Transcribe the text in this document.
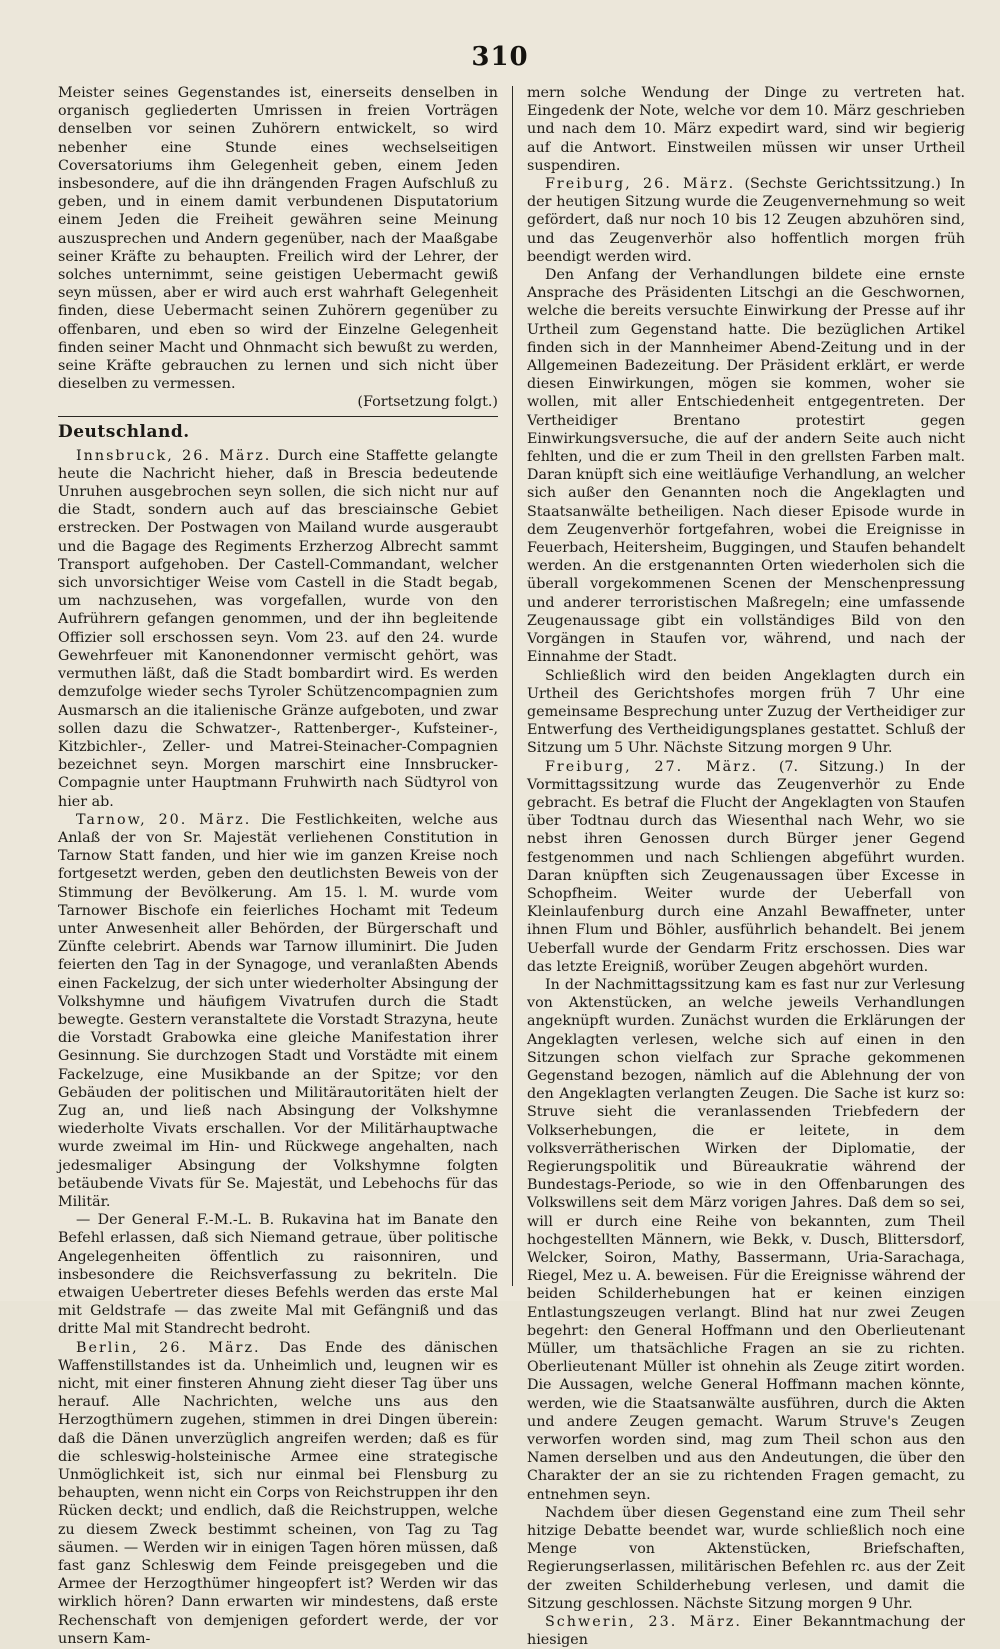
310

Meister seines Gegenstandes ist, einerseits denselben in organisch gegliederten Umrissen in freien Vorträgen denselben vor seinen Zuhörern entwickelt, so wird nebenher eine Stunde eines wechselseitigen Coversatoriums ihm Gelegenheit geben, einem Jeden insbesondere, auf die ihn drängenden Fragen Aufschluß zu geben, und in einem damit verbundenen Disputatorium einem Jeden die Freiheit gewähren seine Meinung auszusprechen und Andern gegenüber, nach der Maaßgabe seiner Kräfte zu behaupten. Freilich wird der Lehrer, der solches unternimmt, seine geistigen Uebermacht gewiß seyn müssen, aber er wird auch erst wahrhaft Gelegenheit finden, diese Uebermacht seinen Zuhörern gegenüber zu offenbaren, und eben so wird der Einzelne Gelegenheit finden seiner Macht und Ohnmacht sich bewußt zu werden, seine Kräfte gebrauchen zu lernen und sich nicht über dieselben zu vermessen.
(Fortsetzung folgt.)

Deutschland.

Innsbruck, 26. März. Durch eine Staffette gelangte heute die Nachricht hieher, daß in Brescia bedeutende Unruhen ausgebrochen seyn sollen, die sich nicht nur auf die Stadt, sondern auch auf das bresciainsche Gebiet erstrecken. Der Postwagen von Mailand wurde ausgeraubt und die Bagage des Regiments Erzherzog Albrecht sammt Transport aufgehoben. Der Castell-Commandant, welcher sich unvorsichtiger Weise vom Castell in die Stadt begab, um nachzusehen, was vorgefallen, wurde von den Aufrührern gefangen genommen, und der ihn begleitende Offizier soll erschossen seyn. Vom 23. auf den 24. wurde Gewehrfeuer mit Kanonendonner vermischt gehört, was vermuthen läßt, daß die Stadt bombardirt wird. Es werden demzufolge wieder sechs Tyroler Schützencompagnien zum Ausmarsch an die italienische Gränze aufgeboten, und zwar sollen dazu die Schwatzer-, Rattenberger-, Kufsteiner-, Kitzbichler-, Zeller- und Matrei-Steinacher-Compagnien bezeichnet seyn. Morgen marschirt eine Innsbrucker-Compagnie unter Hauptmann Fruhwirth nach Südtyrol von hier ab.

Tarnow, 20. März. Die Festlichkeiten, welche aus Anlaß der von Sr. Majestät verliehenen Constitution in Tarnow Statt fanden, und hier wie im ganzen Kreise noch fortgesetzt werden, geben den deutlichsten Beweis von der Stimmung der Bevölkerung. Am 15. l. M. wurde vom Tarnower Bischofe ein feierliches Hochamt mit Tedeum unter Anwesenheit aller Behörden, der Bürgerschaft und Zünfte celebrirt. Abends war Tarnow illuminirt. Die Juden feierten den Tag in der Synagoge, und veranlaßten Abends einen Fackelzug, der sich unter wiederholter Absingung der Volkshymne und häufigem Vivatrufen durch die Stadt bewegte. Gestern veranstaltete die Vorstadt Strazyna, heute die Vorstadt Grabowka eine gleiche Manifestation ihrer Gesinnung. Sie durchzogen Stadt und Vorstädte mit einem Fackelzuge, eine Musikbande an der Spitze; vor den Gebäuden der politischen und Militärautoritäten hielt der Zug an, und ließ nach Absingung der Volkshymne wiederholte Vivats erschallen. Vor der Militärhauptwache wurde zweimal im Hin- und Rückwege angehalten, nach jedesmaliger Absingung der Volkshymne folgten betäubende Vivats für Se. Majestät, und Lebehochs für das Militär.

— Der General F.-M.-L. B. Rukavina hat im Banate den Befehl erlassen, daß sich Niemand getraue, über politische Angelegenheiten öffentlich zu raisonniren, und insbesondere die Reichsverfassung zu bekriteln. Die etwaigen Uebertreter dieses Befehls werden das erste Mal mit Geldstrafe — das zweite Mal mit Gefängniß und das dritte Mal mit Standrecht bedroht.

Berlin, 26. März. Das Ende des dänischen Waffenstillstandes ist da. Unheimlich und, leugnen wir es nicht, mit einer finsteren Ahnung zieht dieser Tag über uns herauf. Alle Nachrichten, welche uns aus den Herzogthümern zugehen, stimmen in drei Dingen überein: daß die Dänen unverzüglich angreifen werden; daß es für die schleswig-holsteinische Armee eine strategische Unmöglichkeit ist, sich nur einmal bei Flensburg zu behaupten, wenn nicht ein Corps von Reichstruppen ihr den Rücken deckt; und endlich, daß die Reichstruppen, welche zu diesem Zweck bestimmt scheinen, von Tag zu Tag säumen. — Werden wir in einigen Tagen hören müssen, daß fast ganz Schleswig dem Feinde preisgegeben und die Armee der Herzogthümer hingeopfert ist? Werden wir das wirklich hören? Dann erwarten wir mindestens, daß erste Rechenschaft von demjenigen gefordert werde, der vor unsern Kam-

mern solche Wendung der Dinge zu vertreten hat. Eingedenk der Note, welche vor dem 10. März geschrieben und nach dem 10. März expedirt ward, sind wir begierig auf die Antwort. Einstweilen müssen wir unser Urtheil suspendiren.

Freiburg, 26. März. (Sechste Gerichtssitzung.) In der heutigen Sitzung wurde die Zeugenvernehmung so weit gefördert, daß nur noch 10 bis 12 Zeugen abzuhören sind, und das Zeugenverhör also hoffentlich morgen früh beendigt werden wird.

Den Anfang der Verhandlungen bildete eine ernste Ansprache des Präsidenten Litschgi an die Geschwornen, welche die bereits versuchte Einwirkung der Presse auf ihr Urtheil zum Gegenstand hatte. Die bezüglichen Artikel finden sich in der Mannheimer Abend-Zeitung und in der Allgemeinen Badezeitung. Der Präsident erklärt, er werde diesen Einwirkungen, mögen sie kommen, woher sie wollen, mit aller Entschiedenheit entgegentreten. Der Vertheidiger Brentano protestirt gegen Einwirkungsversuche, die auf der andern Seite auch nicht fehlten, und die er zum Theil in den grellsten Farben malt. Daran knüpft sich eine weitläufige Verhandlung, an welcher sich außer den Genannten noch die Angeklagten und Staatsanwälte betheiligen. Nach dieser Episode wurde in dem Zeugenverhör fortgefahren, wobei die Ereignisse in Feuerbach, Heitersheim, Buggingen, und Staufen behandelt werden. An die erstgenannten Orten wiederholen sich die überall vorgekommenen Scenen der Menschenpressung und anderer terroristischen Maßregeln; eine umfassende Zeugenaussage gibt ein vollständiges Bild von den Vorgängen in Staufen vor, während, und nach der Einnahme der Stadt.

Schließlich wird den beiden Angeklagten durch ein Urtheil des Gerichtshofes morgen früh 7 Uhr eine gemeinsame Besprechung unter Zuzug der Vertheidiger zur Entwerfung des Vertheidigungsplanes gestattet. Schluß der Sitzung um 5 Uhr. Nächste Sitzung morgen 9 Uhr.

Freiburg, 27. März. (7. Sitzung.) In der Vormittagssitzung wurde das Zeugenverhör zu Ende gebracht. Es betraf die Flucht der Angeklagten von Staufen über Todtnau durch das Wiesenthal nach Wehr, wo sie nebst ihren Genossen durch Bürger jener Gegend festgenommen und nach Schliengen abgeführt wurden. Daran knüpften sich Zeugenaussagen über Excesse in Schopfheim. Weiter wurde der Ueberfall von Kleinlaufenburg durch eine Anzahl Bewaffneter, unter ihnen Flum und Böhler, ausführlich behandelt. Bei jenem Ueberfall wurde der Gendarm Fritz erschossen. Dies war das letzte Ereigniß, worüber Zeugen abgehört wurden.

In der Nachmittagssitzung kam es fast nur zur Verlesung von Aktenstücken, an welche jeweils Verhandlungen angeknüpft wurden. Zunächst wurden die Erklärungen der Angeklagten verlesen, welche sich auf einen in den Sitzungen schon vielfach zur Sprache gekommenen Gegenstand bezogen, nämlich auf die Ablehnung der von den Angeklagten verlangten Zeugen. Die Sache ist kurz so: Struve sieht die veranlassenden Triebfedern der Volkserhebungen, die er leitete, in dem volksverrätherischen Wirken der Diplomatie, der Regierungspolitik und Büreaukratie während der Bundestags-Periode, so wie in den Offenbarungen des Volkswillens seit dem März vorigen Jahres. Daß dem so sei, will er durch eine Reihe von bekannten, zum Theil hochgestellten Männern, wie Bekk, v. Dusch, Blittersdorf, Welcker, Soiron, Mathy, Bassermann, Uria-Sarachaga, Riegel, Mez u. A. beweisen. Für die Ereignisse während der beiden Schilderhebungen hat er keinen einzigen Entlastungszeugen verlangt. Blind hat nur zwei Zeugen begehrt: den General Hoffmann und den Oberlieutenant Müller, um thatsächliche Fragen an sie zu richten. Oberlieutenant Müller ist ohnehin als Zeuge zitirt worden. Die Aussagen, welche General Hoffmann machen könnte, werden, wie die Staatsanwälte ausführen, durch die Akten und andere Zeugen gemacht. Warum Struve's Zeugen verworfen worden sind, mag zum Theil schon aus den Namen derselben und aus den Andeutungen, die über den Charakter der an sie zu richtenden Fragen gemacht, zu entnehmen seyn.

Nachdem über diesen Gegenstand eine zum Theil sehr hitzige Debatte beendet war, wurde schließlich noch eine Menge von Aktenstücken, Briefschaften, Regierungserlassen, militärischen Befehlen rc. aus der Zeit der zweiten Schilderhebung verlesen, und damit die Sitzung geschlossen. Nächste Sitzung morgen 9 Uhr.

Schwerin, 23. März. Einer Bekanntmachung der hiesigen
